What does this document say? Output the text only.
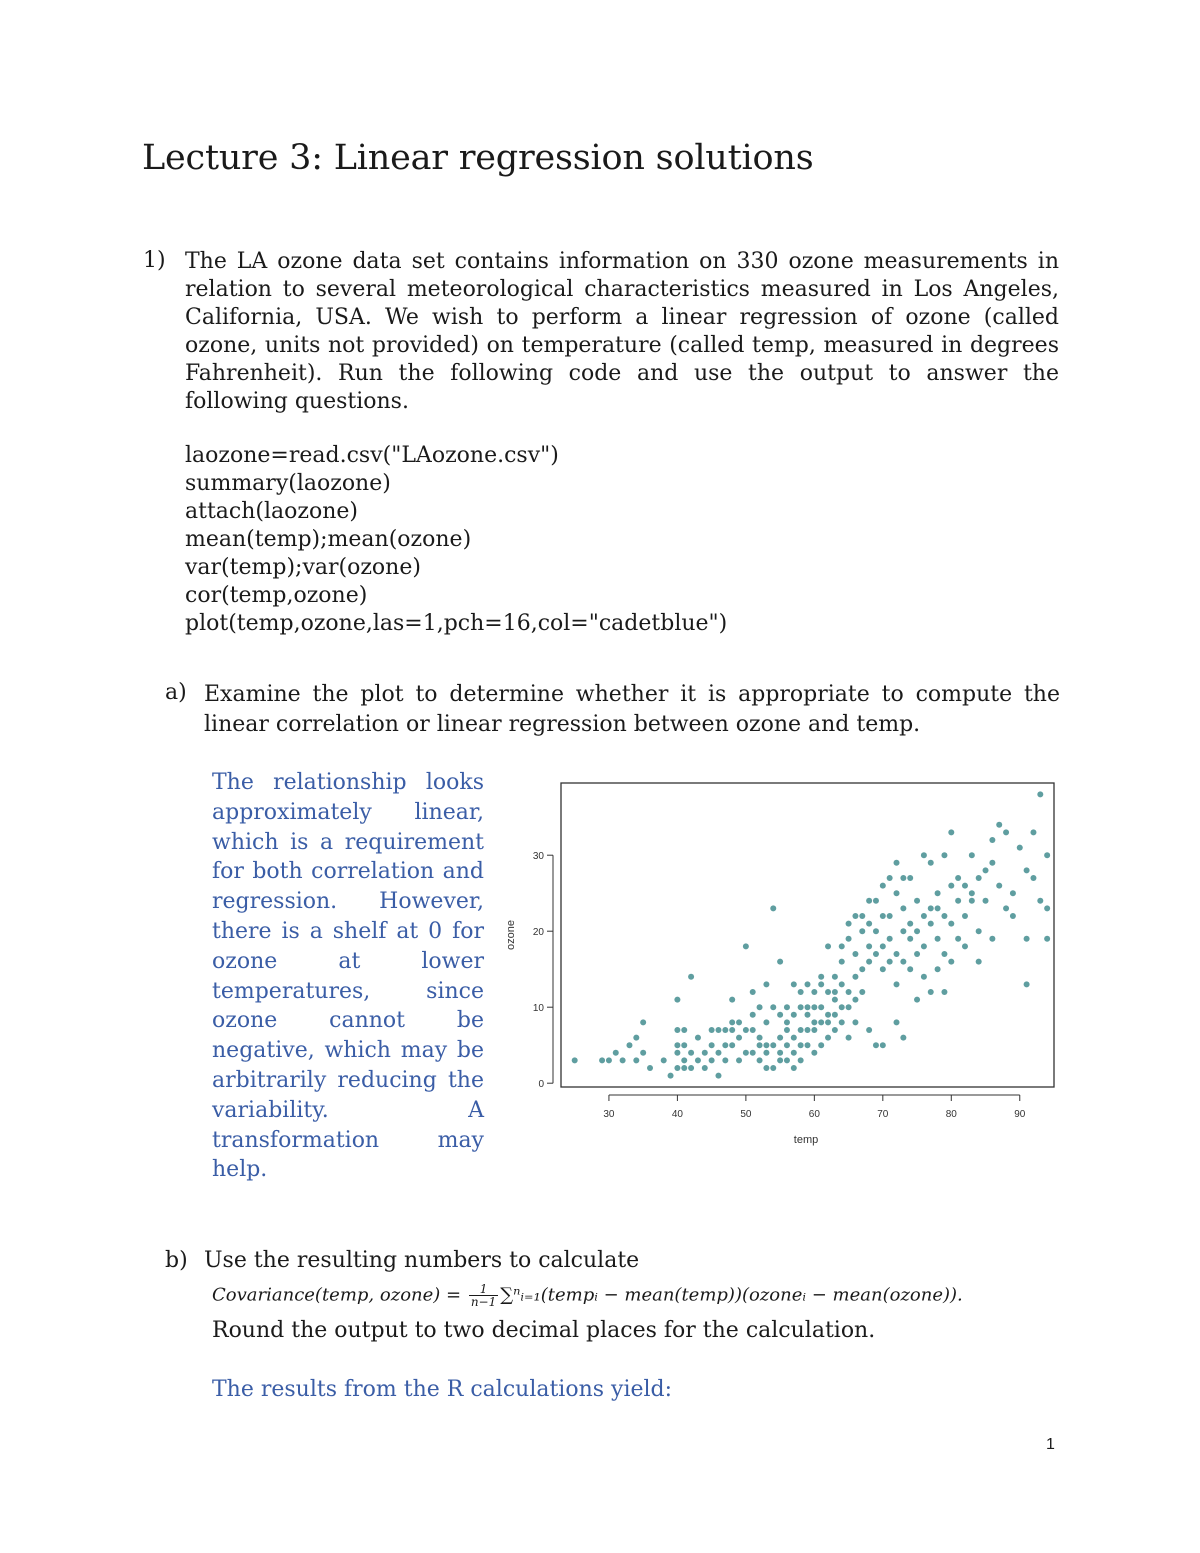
Lecture 3: Linear regression solutions
1) The LA ozone data set contains information on 330 ozone measurements in relation to several meteorological characteristics measured in Los Angeles, California, USA. We wish to perform a linear regression of ozone (called ozone, units not provided) on temperature (called temp, measured in degrees Fahrenheit). Run the following code and use the output to answer the following questions.
laozone=read.csv("LAozone.csv")
summary(laozone)
attach(laozone)
mean(temp);mean(ozone)
var(temp);var(ozone)
cor(temp,ozone)
plot(temp,ozone,las=1,pch=16,col="cadetblue")
a) Examine the plot to determine whether it is appropriate to compute the linear correlation or linear regression between ozone and temp.
The relationship looks approximately linear, which is a requirement for both correlation and regression. However, there is a shelf at 0 for ozone at lower temperatures, since ozone cannot be negative, which may be arbitrarily reducing the variability. A transformation may help.
0
10
20
30
30	40	50	60	70	80	90
temp
ozone
b) Use the resulting numbers to calculate
Covariance(temp, ozone) = $\frac{1}{n-1}$ ∑ⁿᵢ₌₁(tempᵢ − mean(temp))(ozoneᵢ − mean(ozone)).
Round the output to two decimal places for the calculation.
The results from the R calculations yield:
1
